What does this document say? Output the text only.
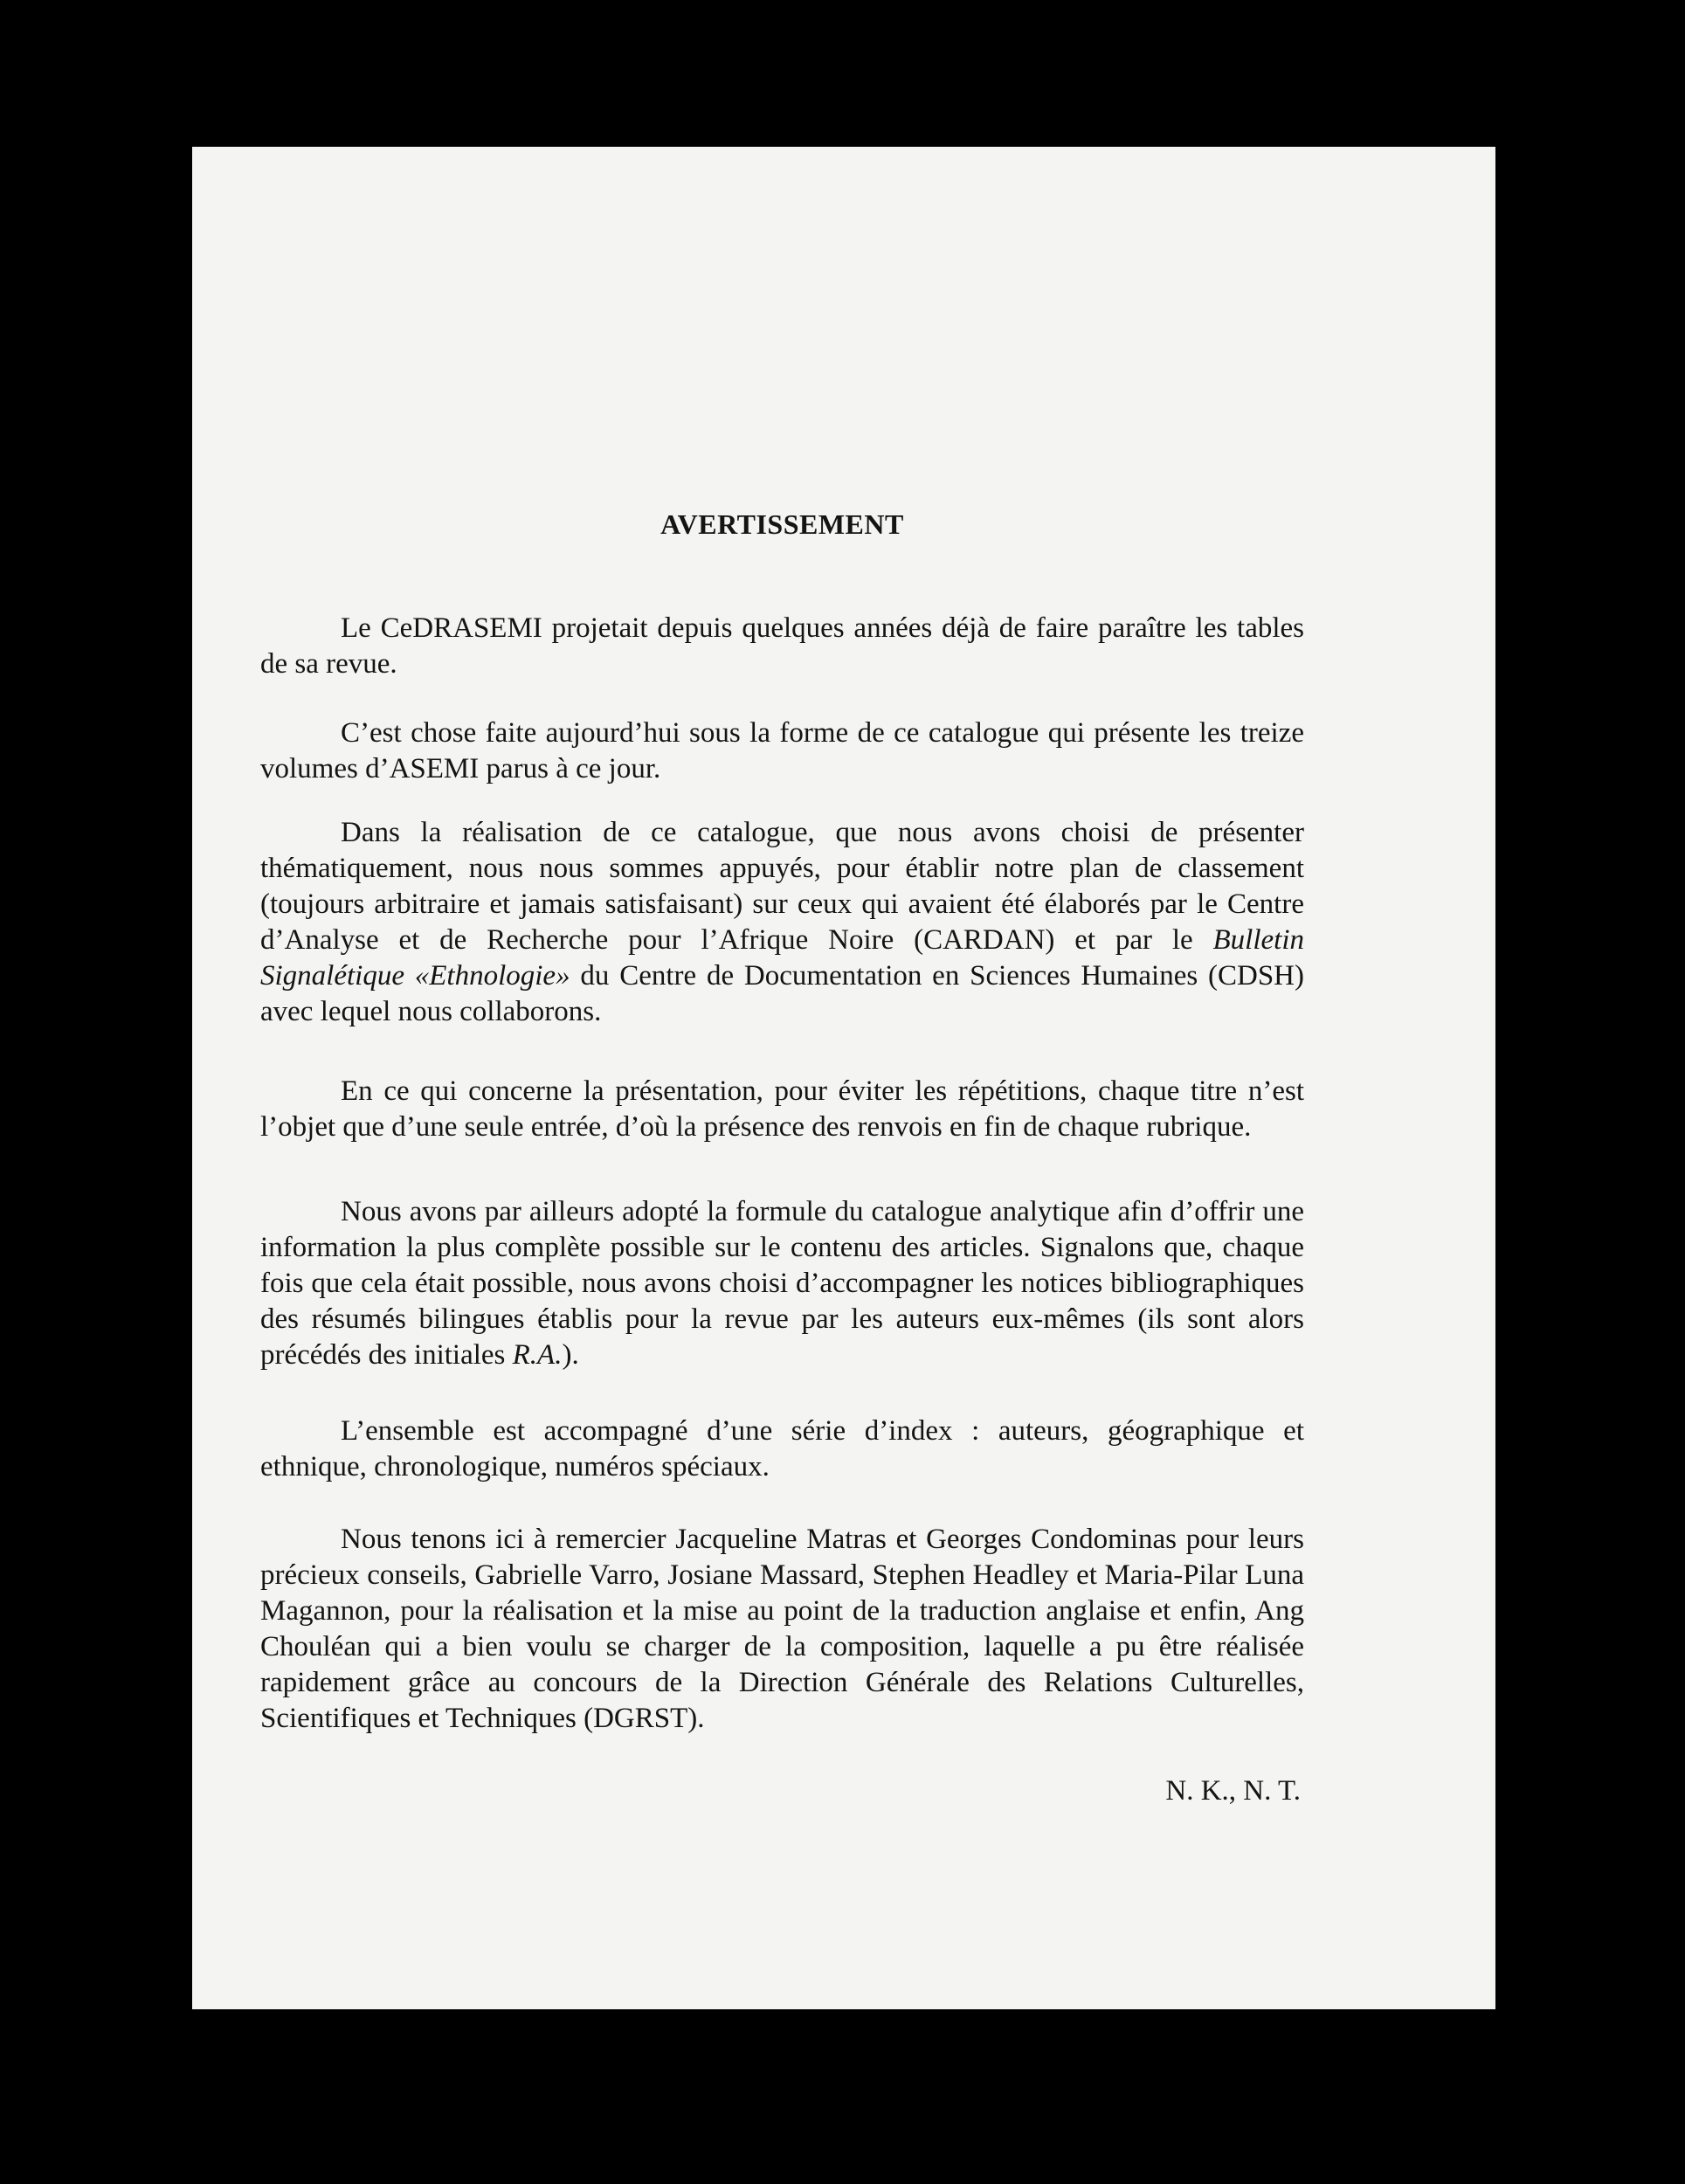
AVERTISSEMENT

Le CeDRASEMI projetait depuis quelques années déjà de faire paraître les tables de sa revue.

C’est chose faite aujourd’hui sous la forme de ce catalogue qui présente les treize volumes d’ASEMI parus à ce jour.

Dans la réalisation de ce catalogue, que nous avons choisi de présenter thématiquement, nous nous sommes appuyés, pour établir notre plan de classement (toujours arbitraire et jamais satisfaisant) sur ceux qui avaient été élaborés par le Centre d’Analyse et de Recherche pour l’Afrique Noire (CARDAN) et par le Bulletin Signalétique «Ethnologie» du Centre de Documentation en Sciences Humaines (CDSH) avec lequel nous collaborons.

En ce qui concerne la présentation, pour éviter les répétitions, chaque titre n’est l’objet que d’une seule entrée, d’où la présence des renvois en fin de chaque rubrique.

Nous avons par ailleurs adopté la formule du catalogue analytique afin d’offrir une information la plus complète possible sur le contenu des articles. Signalons que, chaque fois que cela était possible, nous avons choisi d’accompagner les notices bibliographiques des résumés bilingues établis pour la revue par les auteurs eux-mêmes (ils sont alors précédés des initiales R.A.).

L’ensemble est accompagné d’une série d’index : auteurs, géographique et ethnique, chronologique, numéros spéciaux.

Nous tenons ici à remercier Jacqueline Matras et Georges Condominas pour leurs précieux conseils, Gabrielle Varro, Josiane Massard, Stephen Headley et Maria-Pilar Luna Magannon, pour la réalisation et la mise au point de la traduction anglaise et enfin, Ang Chouléan qui a bien voulu se charger de la composition, laquelle a pu être réalisée rapidement grâce au concours de la Direction Générale des Relations Culturelles, Scientifiques et Techniques (DGRST).

N. K., N. T.
